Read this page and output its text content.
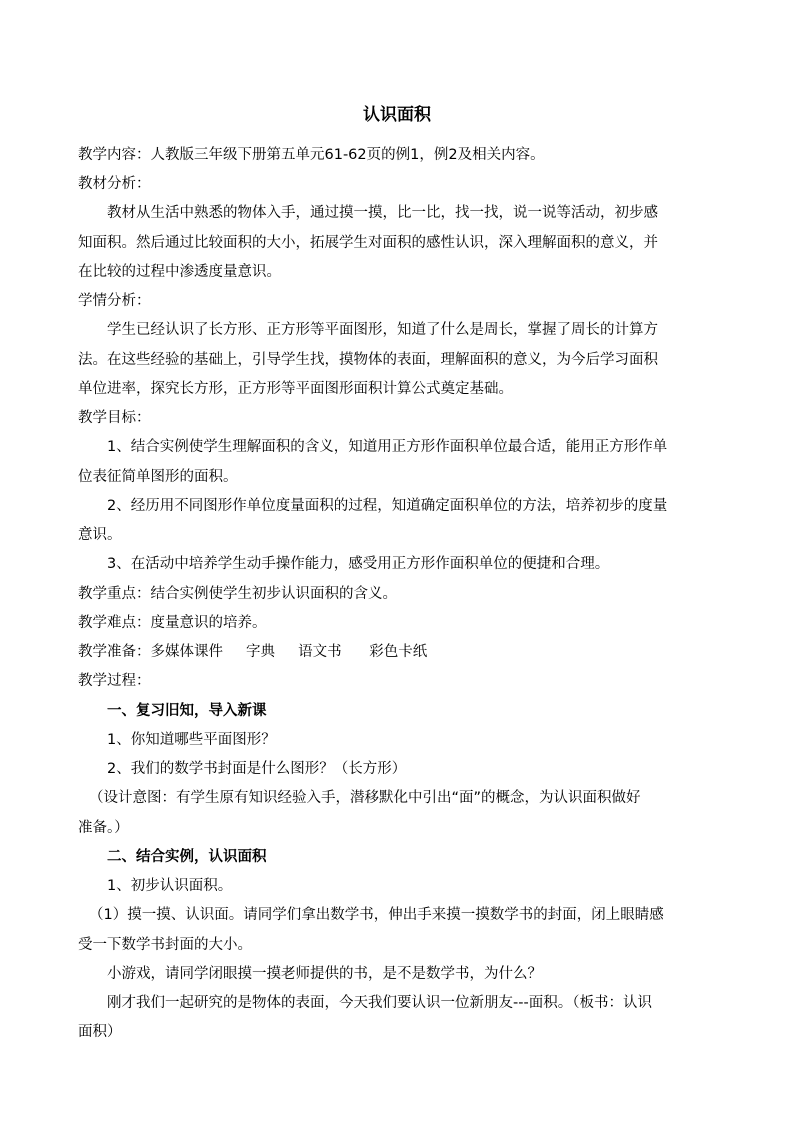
认识面积
教学内容：人教版三年级下册第五单元61-62页的例1，例2及相关内容。
教材分析：
教材从生活中熟悉的物体入手，通过摸一摸，比一比，找一找，说一说等活动，初步感
知面积。然后通过比较面积的大小，拓展学生对面积的感性认识，深入理解面积的意义，并
在比较的过程中渗透度量意识。
学情分析：
学生已经认识了长方形、正方形等平面图形，知道了什么是周长，掌握了周长的计算方
法。在这些经验的基础上，引导学生找，摸物体的表面，理解面积的意义，为今后学习面积
单位进率，探究长方形，正方形等平面图形面积计算公式奠定基础。
教学目标：
1、结合实例使学生理解面积的含义，知道用正方形作面积单位最合适，能用正方形作单
位表征简单图形的面积。
2、经历用不同图形作单位度量面积的过程，知道确定面积单位的方法，培养初步的度量
意识。
3、在活动中培养学生动手操作能力，感受用正方形作面积单位的便捷和合理。
教学重点：结合实例使学生初步认识面积的含义。
教学难点：度量意识的培养。
教学准备：多媒体课件     字典     语文书      彩色卡纸
教学过程：
一、复习旧知，导入新课
1、你知道哪些平面图形？
2、我们的数学书封面是什么图形？（长方形）
（设计意图：有学生原有知识经验入手，潜移默化中引出“面”的概念，为认识面积做好
准备。）
二、结合实例，认识面积
1、初步认识面积。
（1）摸一摸、认识面。请同学们拿出数学书，伸出手来摸一摸数学书的封面，闭上眼睛感
受一下数学书封面的大小。
小游戏，请同学闭眼摸一摸老师提供的书，是不是数学书，为什么？
刚才我们一起研究的是物体的表面，今天我们要认识一位新朋友---面积。（板书：认识
面积）
